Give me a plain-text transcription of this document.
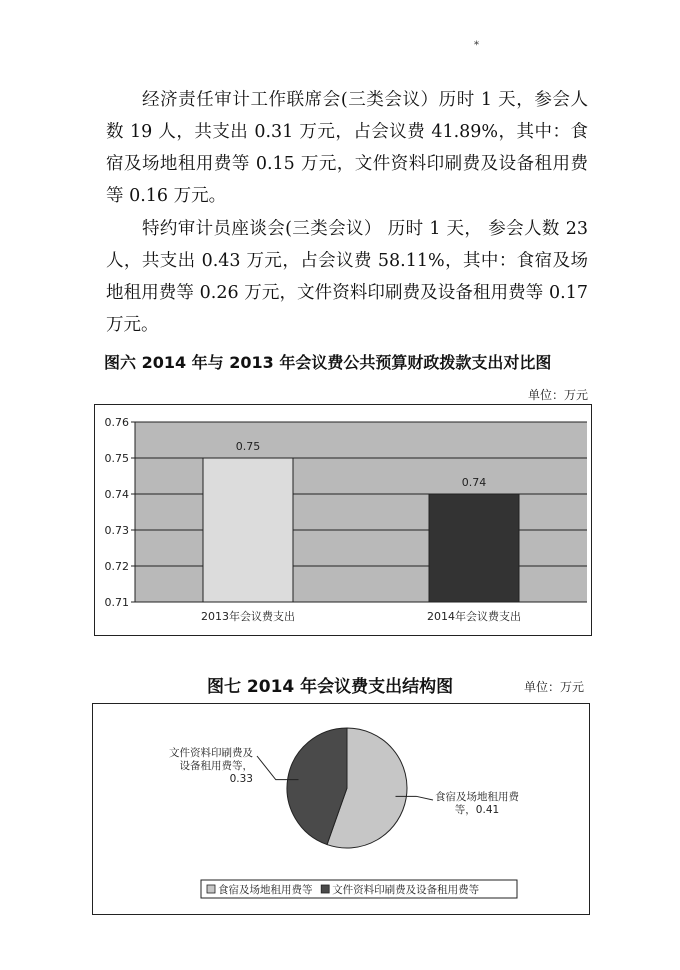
*

经济责任审计工作联席会(三类会议）历时 1 天，参会人数 19 人，共支出 0.31 万元，占会议费 41.89%，其中：食宿及场地租用费等 0.15 万元，文件资料印刷费及设备租用费等 0.16 万元。

特约审计员座谈会(三类会议） 历时 1 天， 参会人数 23 人，共支出 0.43 万元，占会议费 58.11%，其中：食宿及场地租用费等 0.26 万元，文件资料印刷费及设备租用费等 0.17 万元。

图六 2014 年与 2013 年会议费公共预算财政拨款支出对比图
单位：万元
0.71
0.72
0.73
0.74
0.75
0.76
0.75
2013年会议费支出
0.74
2014年会议费支出
图七 2014 年会议费支出结构图	单位：万元
食宿及场地租用费
等，0.41
文件资料印刷费及
设备租用费等，
0.33
食宿及场地租用费等 文件资料印刷费及设备租用费等
